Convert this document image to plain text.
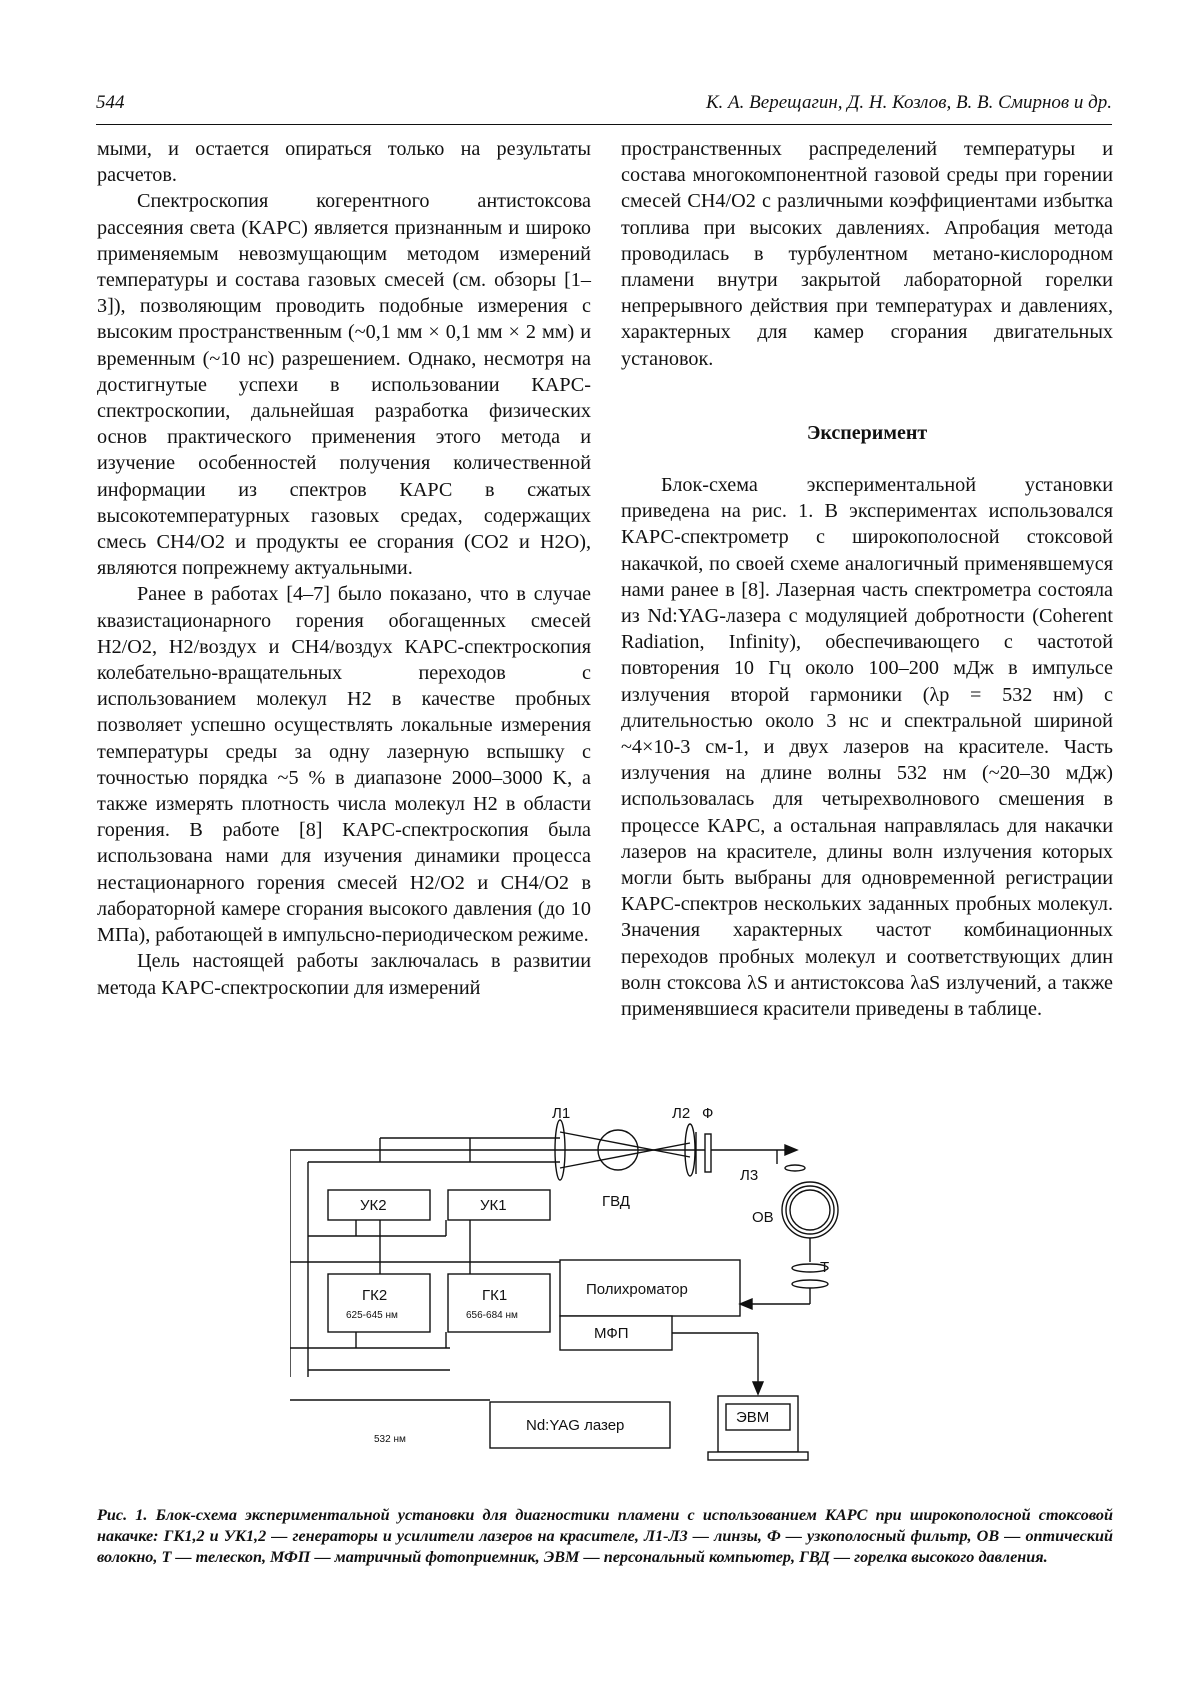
544	К. А. Верещагин, Д. Н. Козлов, В. В. Смирнов и др.

мыми, и остается опираться только на результаты расчетов.

Спектроскопия когерентного антистоксова рассеяния света (КАРС) является признанным и широко применяемым невозмущающим методом измерений температуры и состава газовых смесей (см. обзоры [1–3]), позволяющим проводить подобные измерения с высоким пространственным (~0,1 мм × 0,1 мм × 2 мм) и временным (~10 нс) разрешением. Однако, несмотря на достигнутые успехи в использовании КАРС-спектроскопии, дальнейшая разработка физических основ практического применения этого метода и изучение особенностей получения количественной информации из спектров КАРС в сжатых высокотемпературных газовых средах, содержащих смесь CH4/O2 и продукты ее сгорания (CO2 и H2O), являются попрежнему актуальными.

Ранее в работах [4–7] было показано, что в случае квазистационарного горения обогащенных смесей H2/O2, H2/воздух и CH4/воздух КАРС-спектроскопия колебательно-вращательных переходов с использованием молекул H2 в качестве пробных позволяет успешно осуществлять локальные измерения температуры среды за одну лазерную вспышку с точностью порядка ~5 % в диапазоне 2000–3000 K, а также измерять плотность числа молекул H2 в области горения. В работе [8] КАРС-спектроскопия была использована нами для изучения динамики процесса нестационарного горения смесей H2/O2 и CH4/O2 в лабораторной камере сгорания высокого давления (до 10 МПа), работающей в импульсно-периодическом режиме.

Цель настоящей работы заключалась в развитии метода КАРС-спектроскопии для измерений

пространственных распределений температуры и состава многокомпонентной газовой среды при горении смесей CH4/O2 с различными коэффициентами избытка топлива при высоких давлениях. Апробация метода проводилась в турбулентном метано-кислородном пламени внутри закрытой лабораторной горелки непрерывного действия при температурах и давлениях, характерных для камер сгорания двигательных установок.

Эксперимент

Блок-схема экспериментальной установки приведена на рис. 1. В экспериментах использовался КАРС-спектрометр с широкополосной стоксовой накачкой, по своей схеме аналогичный применявшемуся нами ранее в [8]. Лазерная часть спектрометра состояла из Nd:YAG-лазера с модуляцией добротности (Coherent Radiation, Infinity), обеспечивающего с частотой повторения 10 Гц около 100–200 мДж в импульсе излучения второй гармоники (λp = 532 нм) с длительностью около 3 нс и спектральной шириной ~4×10-3 см-1, и двух лазеров на красителе. Часть излучения на длине волны 532 нм (~20–30 мДж) использовалась для четырехволнового смешения в процессе КАРС, а остальная направлялась для накачки лазеров на красителе, длины волн излучения которых могли быть выбраны для одновременной регистрации КАРС-спектров нескольких заданных пробных молекул. Значения характерных частот комбинационных переходов пробных молекул и соответствующих длин волн стоксова λS и антистоксова λaS излучений, а также применявшиеся красители приведены в таблице.

Л1	Л2 Ф
Л3
ГВД
ОВ
Т
УК2	УК1
ГК2	ГК1	Полихроматор
МФП
Nd:YAG лазер	ЭВМ
625-645 нм	656-684 нм
532 нм
Рис. 1. Блок-схема экспериментальной установки для диагностики пламени с использованием КАРС при широкополосной стоксовой накачке: ГК1,2 и УК1,2 — генераторы и усилители лазеров на красителе, Л1-Л3 — линзы, Ф — узкополосный фильтр, ОВ — оптический волокно, Т — телескоп, МФП — матричный фотоприемник, ЭВМ — персональный компьютер, ГВД — горелка высокого давления.
